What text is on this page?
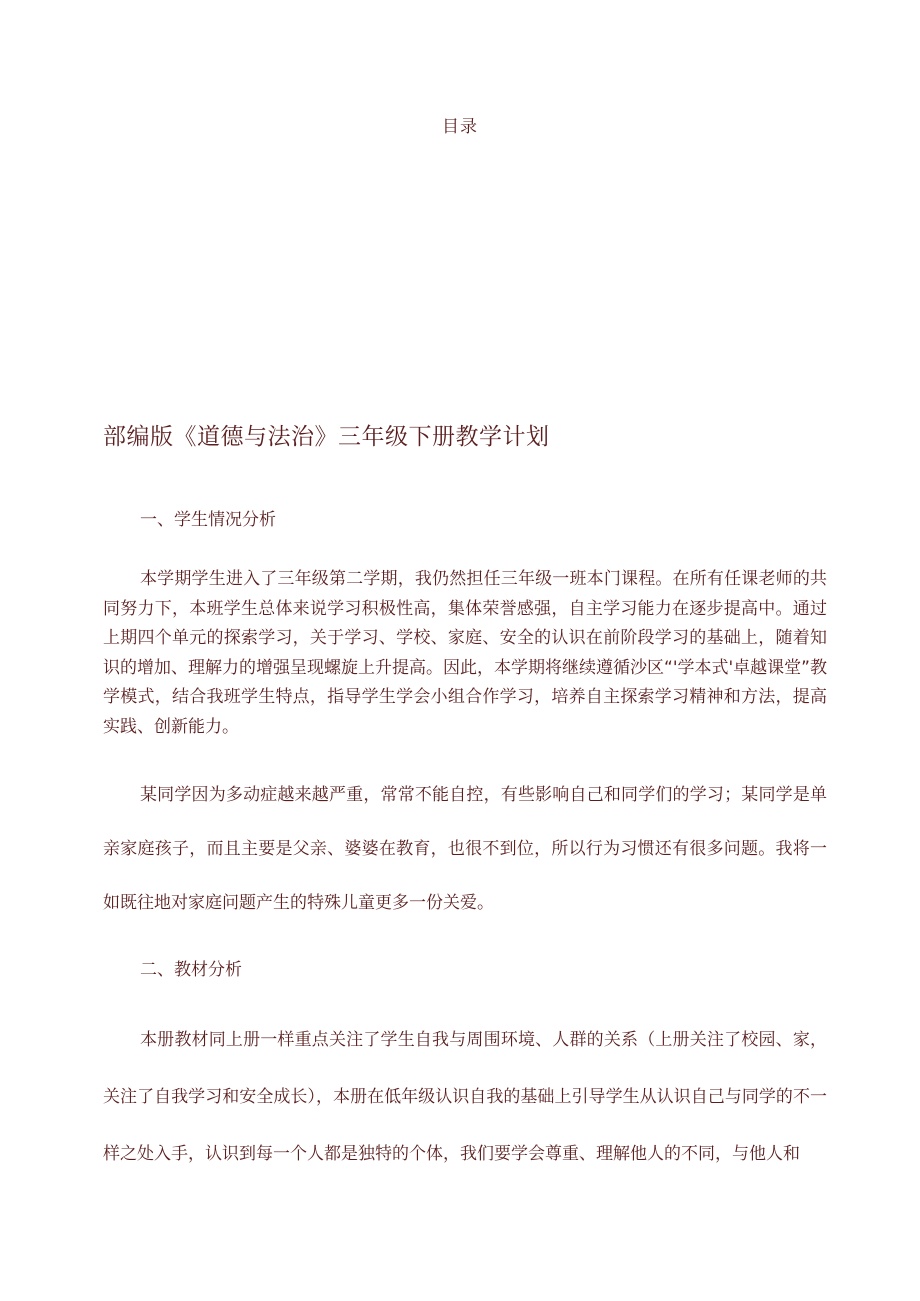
目录
部编版《道德与法治》三年级下册教学计划
一、学生情况分析

本学期学生进入了三年级第二学期，我仍然担任三年级一班本门课程。在所有任课老师的共同努力下，本班学生总体来说学习积极性高，集体荣誉感强，自主学习能力在逐步提高中。通过上期四个单元的探索学习，关于学习、学校、家庭、安全的认识在前阶段学习的基础上，随着知识的增加、理解力的增强呈现螺旋上升提高。因此，本学期将继续遵循沙区“'学本式'卓越课堂”教学模式，结合我班学生特点，指导学生学会小组合作学习，培养自主探索学习精神和方法，提高实践、创新能力。

某同学因为多动症越来越严重，常常不能自控，有些影响自己和同学们的学习；某同学是单亲家庭孩子，而且主要是父亲、婆婆在教育，也很不到位，所以行为习惯还有很多问题。我将一如既往地对家庭问题产生的特殊儿童更多一份关爱。

二、教材分析

本册教材同上册一样重点关注了学生自我与周围环境、人群的关系（上册关注了校园、家，关注了自我学习和安全成长），本册在低年级认识自我的基础上引导学生从认识自己与同学的不一样之处入手，认识到每一个人都是独特的个体，我们要学会尊重、理解他人的不同，与他人和
